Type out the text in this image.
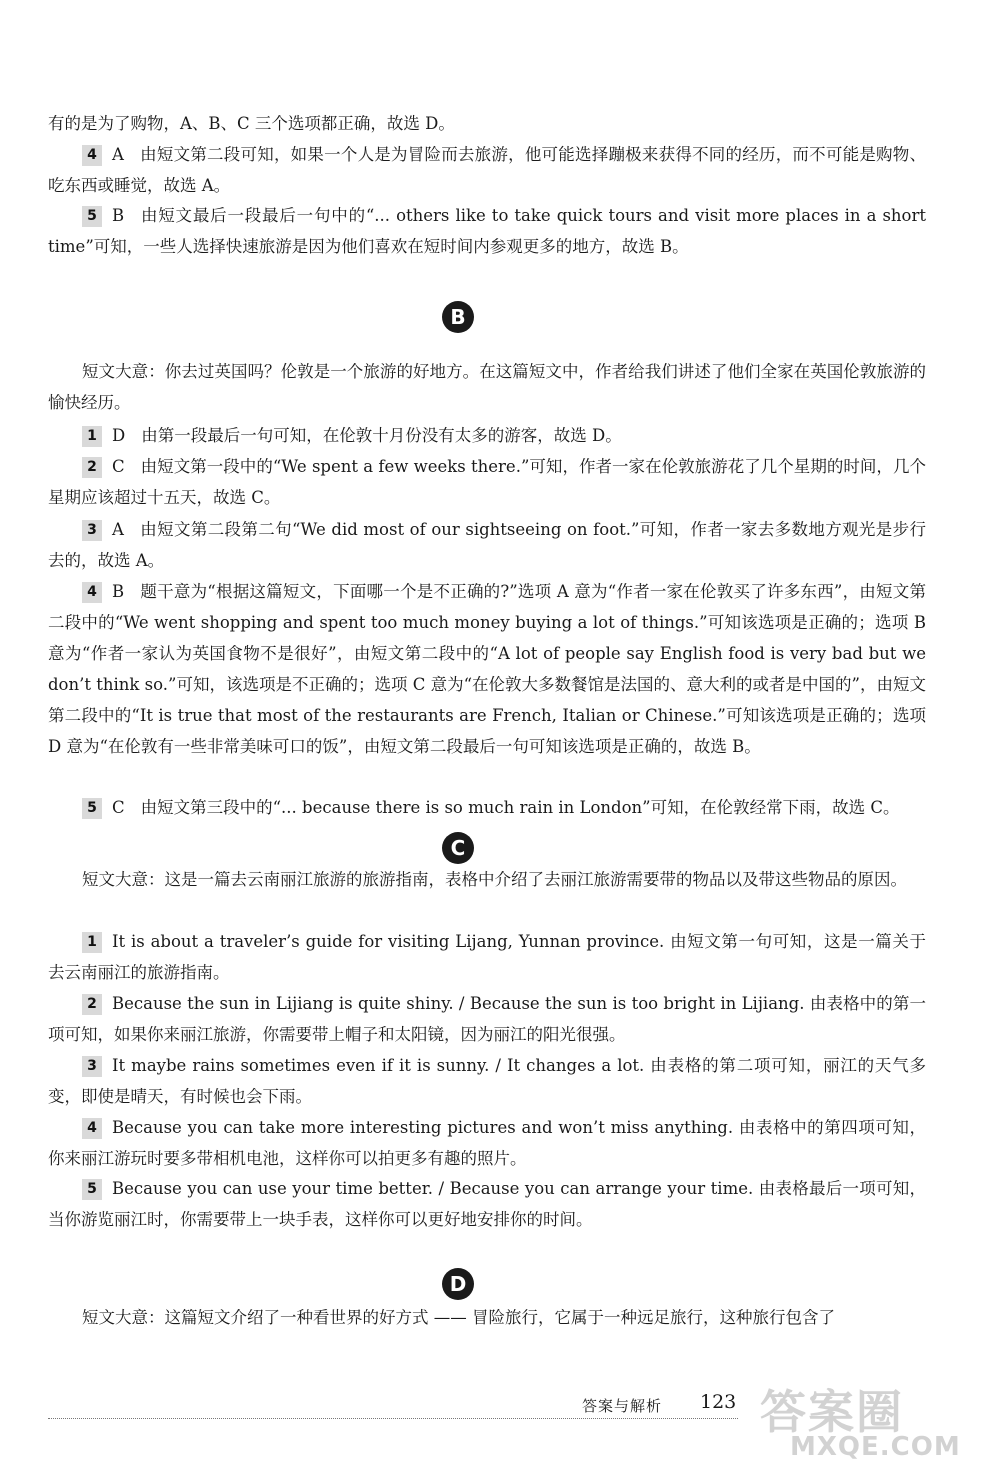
有的是为了购物，A、B、C 三个选项都正确，故选 D。
4 A 由短文第二段可知，如果一个人是为冒险而去旅游，他可能选择蹦极来获得不同的经历，而不可能是购物、吃东西或睡觉，故选 A。
5 B 由短文最后一段最后一句中的“... others like to take quick tours and visit more places in a short time”可知，一些人选择快速旅游是因为他们喜欢在短时间内参观更多的地方，故选 B。
B
短文大意：你去过英国吗？伦敦是一个旅游的好地方。在这篇短文中，作者给我们讲述了他们全家在英国伦敦旅游的愉快经历。
1 D 由第一段最后一句可知，在伦敦十月份没有太多的游客，故选 D。
2 C 由短文第一段中的“We spent a few weeks there.”可知，作者一家在伦敦旅游花了几个星期的时间，几个星期应该超过十五天，故选 C。
3 A 由短文第二段第二句“We did most of our sightseeing on foot.”可知，作者一家去多数地方观光是步行去的，故选 A。
4 B 题干意为“根据这篇短文，下面哪一个是不正确的?”选项 A 意为“作者一家在伦敦买了许多东西”，由短文第二段中的“We went shopping and spent too much money buying a lot of things.”可知该选项是正确的；选项 B 意为“作者一家认为英国食物不是很好”，由短文第二段中的“A lot of people say English food is very bad but we don’t think so.”可知，该选项是不正确的；选项 C 意为“在伦敦大多数餐馆是法国的、意大利的或者是中国的”，由短文第二段中的“It is true that most of the restaurants are French, Italian or Chinese.”可知该选项是正确的；选项 D 意为“在伦敦有一些非常美味可口的饭”，由短文第二段最后一句可知该选项是正确的，故选 B。
5 C 由短文第三段中的“... because there is so much rain in London”可知，在伦敦经常下雨，故选 C。
C
短文大意：这是一篇去云南丽江旅游的旅游指南，表格中介绍了去丽江旅游需要带的物品以及带这些物品的原因。
1 It is about a traveler’s guide for visiting Lijang, Yunnan province. 由短文第一句可知，这是一篇关于去云南丽江的旅游指南。
2 Because the sun in Lijiang is quite shiny. / Because the sun is too bright in Lijiang. 由表格中的第一项可知，如果你来丽江旅游，你需要带上帽子和太阳镜，因为丽江的阳光很强。
3 It maybe rains sometimes even if it is sunny. / It changes a lot. 由表格的第二项可知，丽江的天气多变，即使是晴天，有时候也会下雨。
4 Because you can take more interesting pictures and won’t miss anything. 由表格中的第四项可知，你来丽江游玩时要多带相机电池，这样你可以拍更多有趣的照片。
5 Because you can use your time better. / Because you can arrange your time. 由表格最后一项可知，当你游览丽江时，你需要带上一块手表，这样你可以更好地安排你的时间。
D
短文大意：这篇短文介绍了一种看世界的好方式 —— 冒险旅行，它属于一种远足旅行，这种旅行包含了
答案与解析 123 答案圈
MXQE.COM
